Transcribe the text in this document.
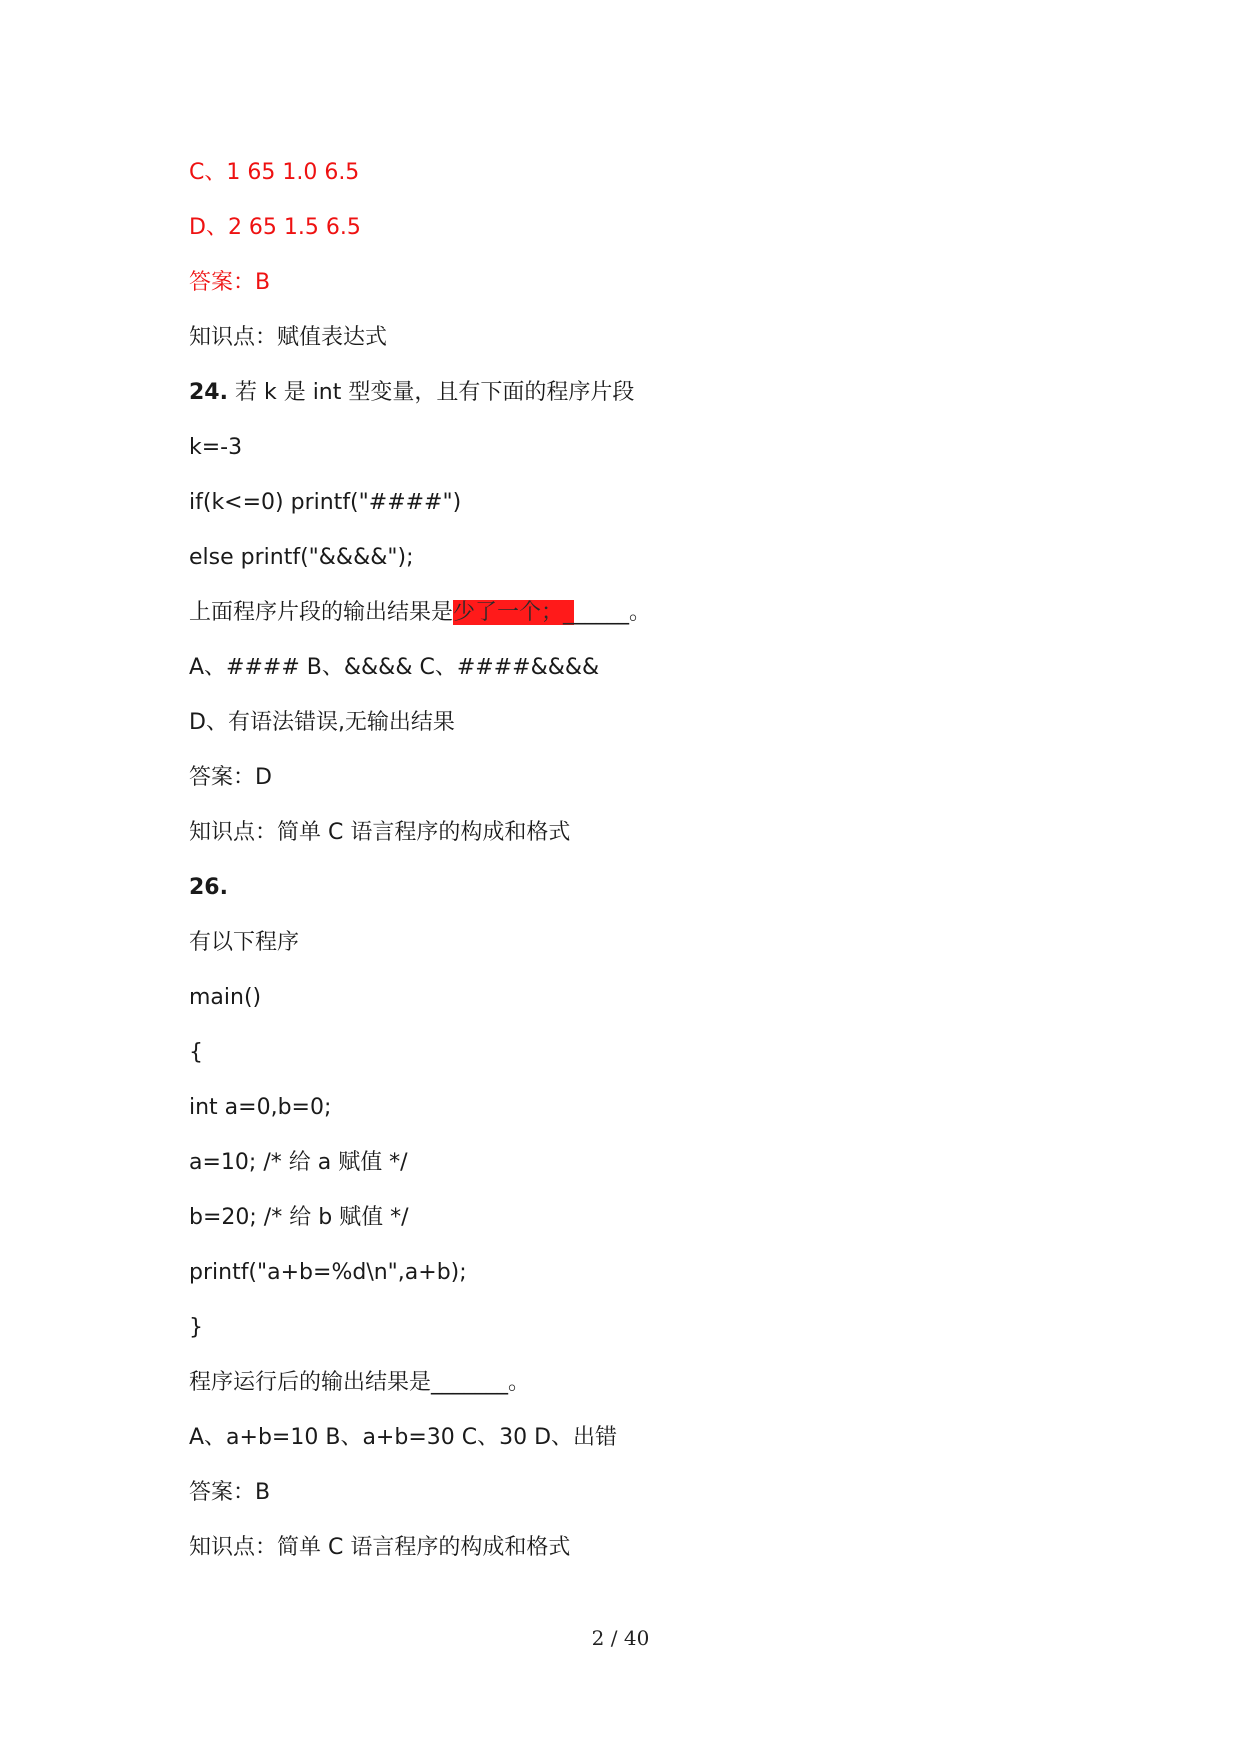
C、1 65 1.0 6.5
D、2 65 1.5 6.5
答案：B
知识点：赋值表达式
24. 若 k 是 int 型变量，且有下面的程序片段
k=-3
if(k<=0) printf("####")
else printf("&&&&");
上面程序片段的输出结果是少了一个；______。
A、#### B、&&&& C、####&&&&
D、有语法错误,无输出结果
答案：D
知识点：简单 C 语言程序的构成和格式
26.
有以下程序
main()
{
int a=0,b=0;
a=10; /* 给 a 赋值 */
b=20; /* 给 b 赋值 */
printf("a+b=%d\n",a+b);
}
程序运行后的输出结果是_______。
A、a+b=10 B、a+b=30 C、30 D、出错
答案：B
知识点：简单 C 语言程序的构成和格式
2 / 40
